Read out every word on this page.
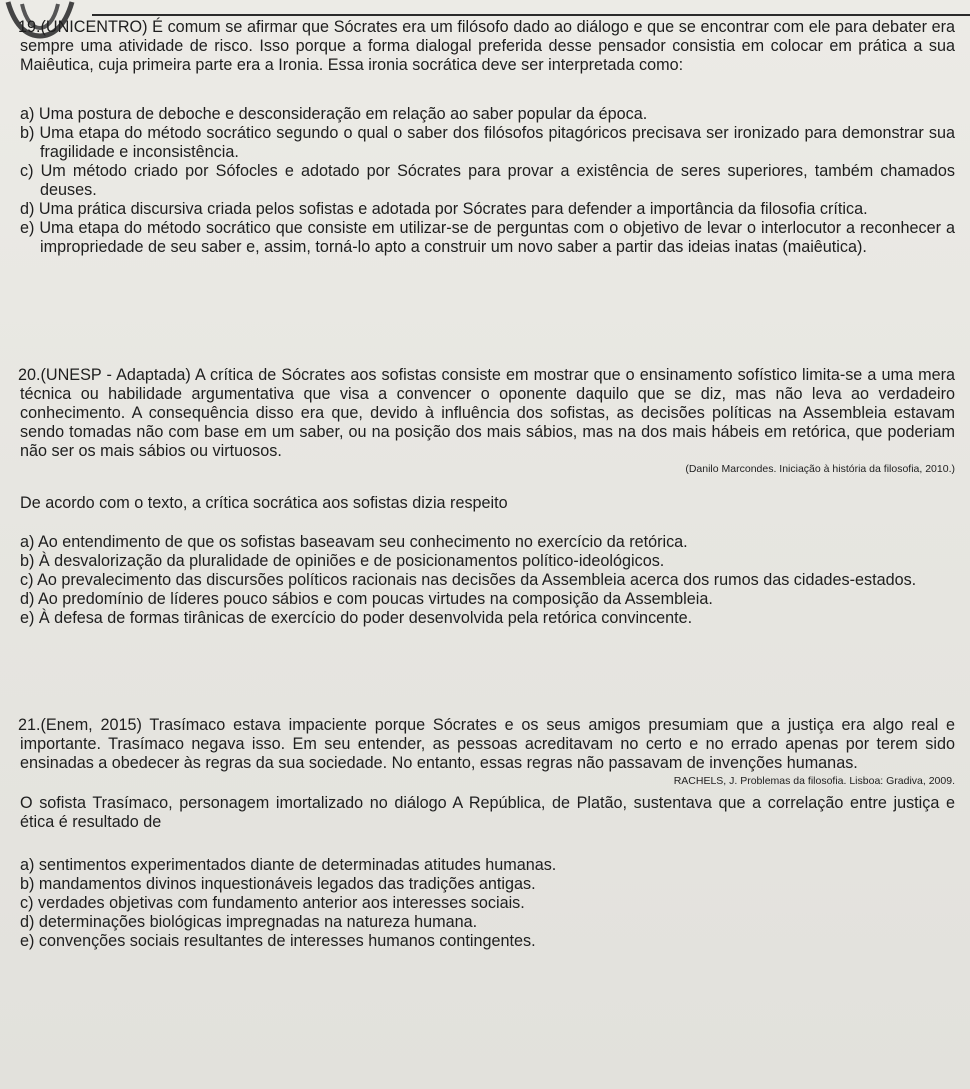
19.(UNICENTRO) É comum se afirmar que Sócrates era um filósofo dado ao diálogo e que se encontrar com ele para debater era sempre uma atividade de risco. Isso porque a forma dialogal preferida desse pensador consistia em colocar em prática a sua Maiêutica, cuja primeira parte era a Ironia. Essa ironia socrática deve ser interpretada como:

a) Uma postura de deboche e desconsideração em relação ao saber popular da época.
b) Uma etapa do método socrático segundo o qual o saber dos filósofos pitagóricos precisava ser ironizado para demonstrar sua fragilidade e inconsistência.
c) Um método criado por Sófocles e adotado por Sócrates para provar a existência de seres superiores, também chamados deuses.
d) Uma prática discursiva criada pelos sofistas e adotada por Sócrates para defender a importância da filosofia crítica.
e) Uma etapa do método socrático que consiste em utilizar-se de perguntas com o objetivo de levar o interlocutor a reconhecer a impropriedade de seu saber e, assim, torná-lo apto a construir um novo saber a partir das ideias inatas (maiêutica).

20.(UNESP - Adaptada) A crítica de Sócrates aos sofistas consiste em mostrar que o ensinamento sofístico limita-se a uma mera técnica ou habilidade argumentativa que visa a convencer o oponente daquilo que se diz, mas não leva ao verdadeiro conhecimento. A consequência disso era que, devido à influência dos sofistas, as decisões políticas na Assembleia estavam sendo tomadas não com base em um saber, ou na posição dos mais sábios, mas na dos mais hábeis em retórica, que poderiam não ser os mais sábios ou virtuosos.

(Danilo Marcondes. Iniciação à história da filosofia, 2010.)

De acordo com o texto, a crítica socrática aos sofistas dizia respeito

a) Ao entendimento de que os sofistas baseavam seu conhecimento no exercício da retórica.
b) À desvalorização da pluralidade de opiniões e de posicionamentos político-ideológicos.
c) Ao prevalecimento das discursões políticos racionais nas decisões da Assembleia acerca dos rumos das cidades-estados.
d) Ao predomínio de líderes pouco sábios e com poucas virtudes na composição da Assembleia.
e) À defesa de formas tirânicas de exercício do poder desenvolvida pela retórica convincente.

21.(Enem, 2015) Trasímaco estava impaciente porque Sócrates e os seus amigos presumiam que a justiça era algo real e importante. Trasímaco negava isso. Em seu entender, as pessoas acreditavam no certo e no errado apenas por terem sido ensinadas a obedecer às regras da sua sociedade. No entanto, essas regras não passavam de invenções humanas.

RACHELS, J. Problemas da filosofia. Lisboa: Gradiva, 2009.

O sofista Trasímaco, personagem imortalizado no diálogo A República, de Platão, sustentava que a correlação entre justiça e ética é resultado de

a) sentimentos experimentados diante de determinadas atitudes humanas.
b) mandamentos divinos inquestionáveis legados das tradições antigas.
c) verdades objetivas com fundamento anterior aos interesses sociais.
d) determinações biológicas impregnadas na natureza humana.
e) convenções sociais resultantes de interesses humanos contingentes.
